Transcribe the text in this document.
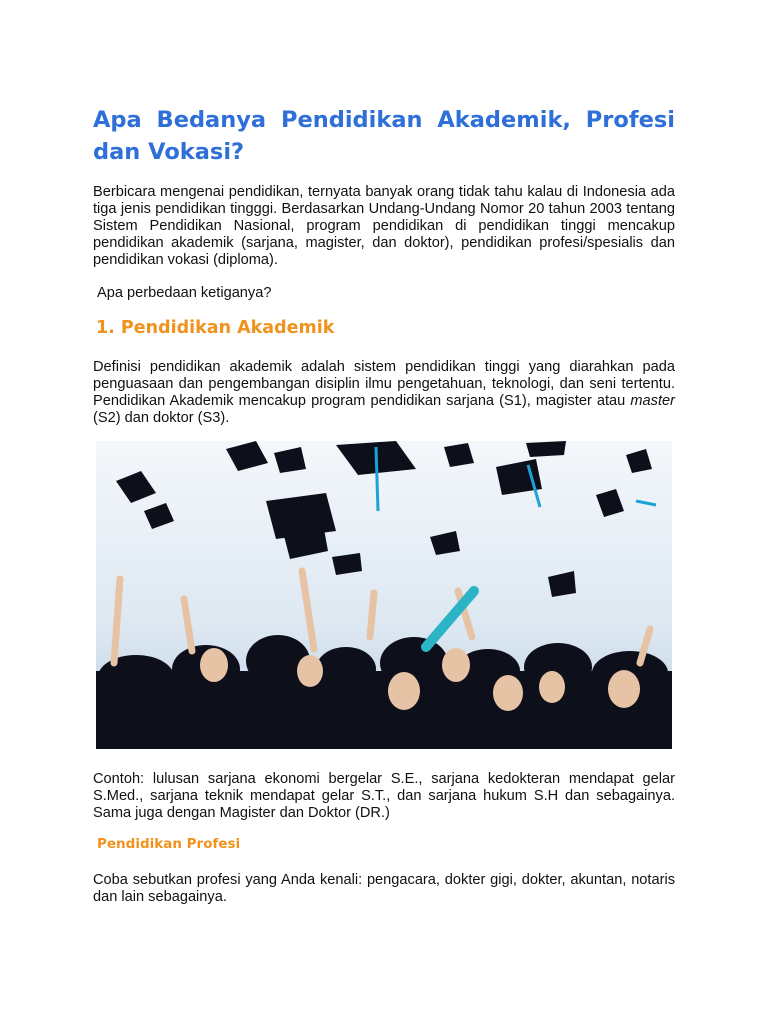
Apa Bedanya Pendidikan Akademik, Profesi dan Vokasi?

Berbicara mengenai pendidikan, ternyata banyak orang tidak tahu kalau di Indonesia ada tiga jenis pendidikan tingggi. Berdasarkan Undang-Undang Nomor 20 tahun 2003 tentang Sistem Pendidikan Nasional, program pendidikan di pendidikan tinggi mencakup pendidikan akademik (sarjana, magister, dan doktor), pendidikan profesi/spesialis dan pendidikan vokasi (diploma).

Apa perbedaan ketiganya?

1. Pendidikan Akademik

Definisi pendidikan akademik adalah sistem pendidikan tinggi yang diarahkan pada penguasaan dan pengembangan disiplin ilmu pengetahuan, teknologi, dan seni tertentu. Pendidikan Akademik mencakup program pendidikan sarjana (S1), magister atau master (S2) dan doktor (S3).

Contoh: lulusan sarjana ekonomi bergelar S.E., sarjana kedokteran mendapat gelar S.Med., sarjana teknik mendapat gelar S.T., dan sarjana hukum S.H dan sebagainya. Sama juga dengan Magister dan Doktor (DR.)

Pendidikan Profesi

Coba sebutkan profesi yang Anda kenali: pengacara, dokter gigi, dokter, akuntan, notaris dan lain sebagainya.
